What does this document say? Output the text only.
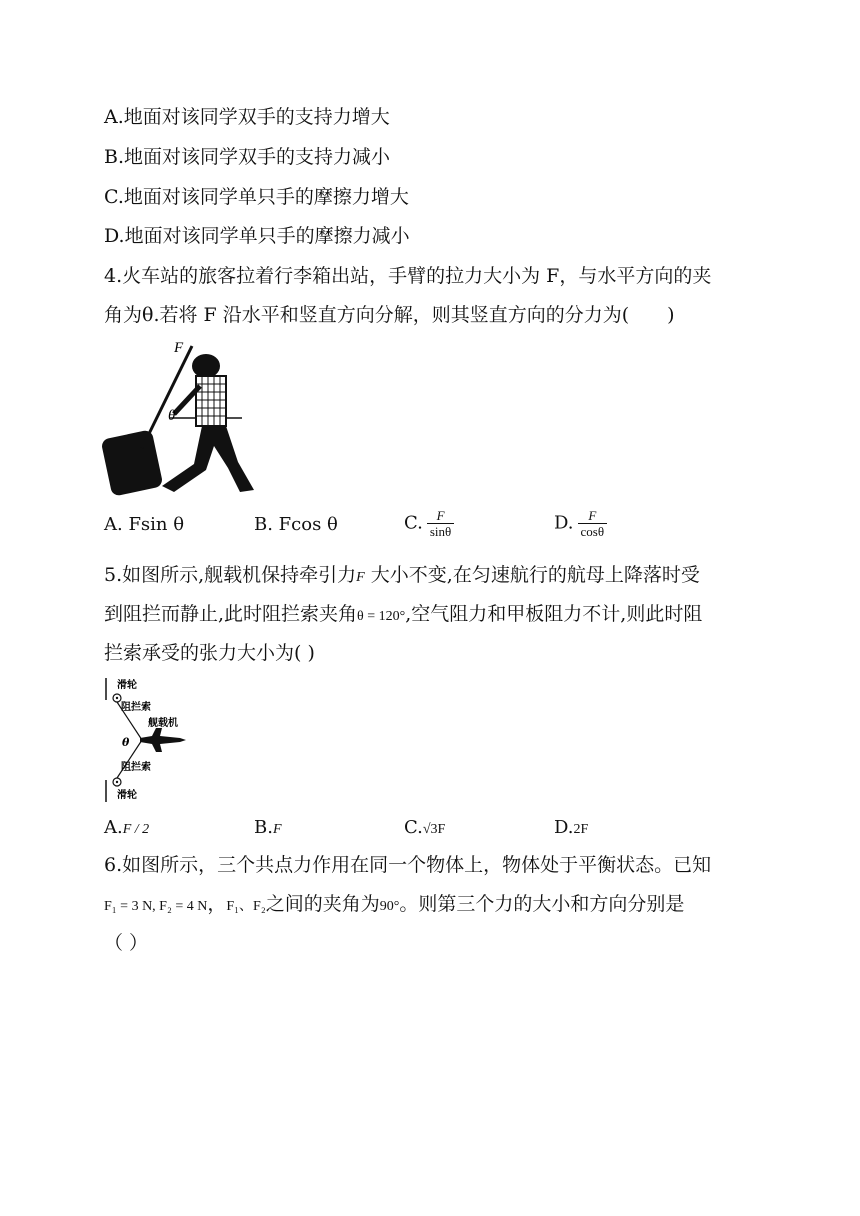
A.地面对该同学双手的支持力增大
B.地面对该同学双手的支持力减小
C.地面对该同学单只手的摩擦力增大
D.地面对该同学单只手的摩擦力减小
4.火车站的旅客拉着行李箱出站，手臂的拉力大小为 F，与水平方向的夹
角为θ.若将 F 沿水平和竖直方向分解，则其竖直方向的分力为(　　)
F
θ
A. Fsin θ	B. Fcos θ	C. $\frac{F}{\sin\theta}$	D. $\frac{F}{\cos\theta}$
5.如图所示,舰载机保持牵引力F 大小不变,在匀速航行的航母上降落时受
到阻拦而静止,此时阻拦索夹角θ = 120°,空气阻力和甲板阻力不计,则此时阻
拦索承受的张力大小为( )
滑轮
阻拦索
舰载机
θ
阻拦索
滑轮
A.F / 2	B.F	C.√3F	D.2F
6.如图所示，三个共点力作用在同一个物体上，物体处于平衡状态。已知
F₁ = 3 N, F₂ = 4 N，F₁、F₂之间的夹角为90°。则第三个力的大小和方向分别是
（ ）
